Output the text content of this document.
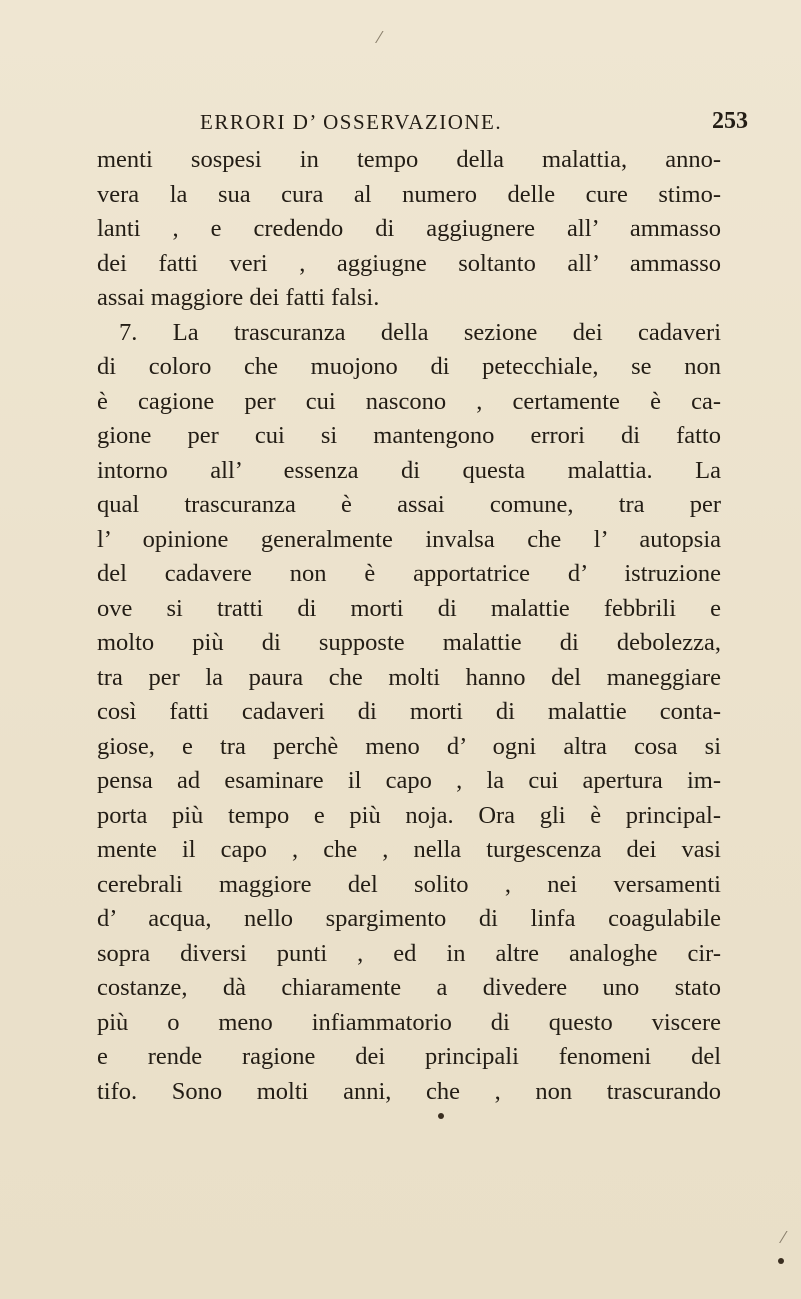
ERRORI D’ OSSERVAZIONE.	253
menti sospesi in tempo della malattia, anno-
vera la sua cura al numero delle cure stimo-
lanti , e credendo di aggiugnere all’ ammasso
dei fatti veri , aggiugne soltanto all’ ammasso
assai maggiore dei fatti falsi.
7. La trascuranza della sezione dei cadaveri
di coloro che muojono di petecchiale, se non
è cagione per cui nascono , certamente è ca-
gione per cui si mantengono errori di fatto
intorno all’ essenza di questa malattia. La
qual trascuranza è assai comune, tra per
l’ opinione generalmente invalsa che l’ autopsia
del cadavere non è apportatrice d’ istruzione
ove si tratti di morti di malattie febbrili e
molto più di supposte malattie di debolezza,
tra per la paura che molti hanno del maneggiare
così fatti cadaveri di morti di malattie conta-
giose, e tra perchè meno d’ ogni altra cosa si
pensa ad esaminare il capo , la cui apertura im-
porta più tempo e più noja. Ora gli è principal-
mente il capo , che , nella turgescenza dei vasi
cerebrali maggiore del solito , nei versamenti
d’ acqua, nello spargimento di linfa coagulabile
sopra diversi punti , ed in altre analoghe cir-
costanze, dà chiaramente a divedere uno stato
più o meno infiammatorio di questo viscere
e rende ragione dei principali fenomeni del
tifo. Sono molti anni, che , non trascurando
⁄
⁄
